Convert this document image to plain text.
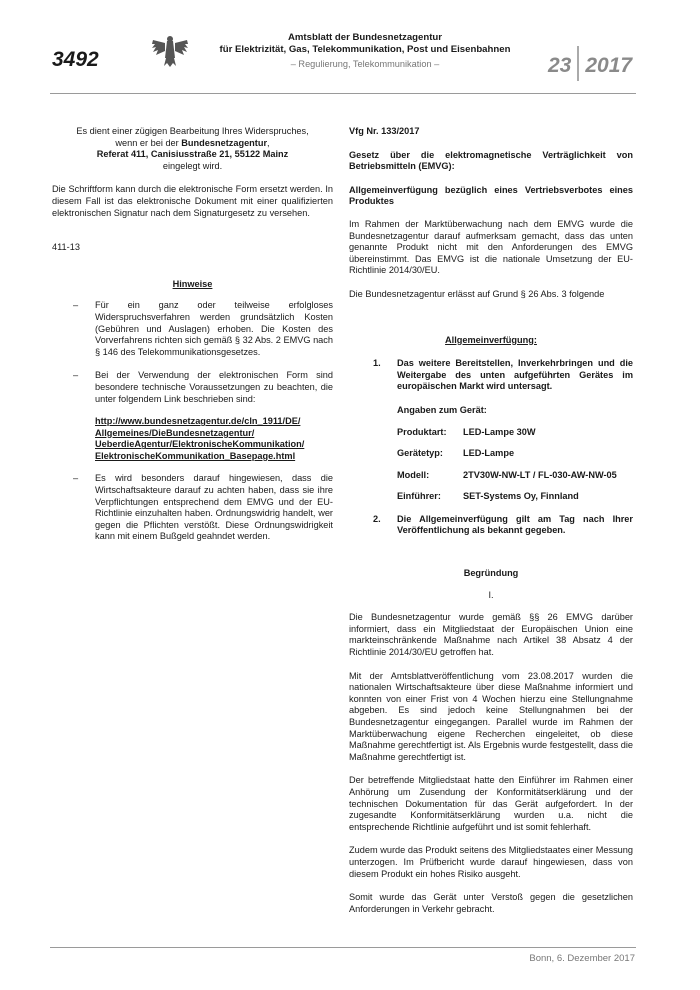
3492
Amtsblatt der Bundesnetzagentur
für Elektrizität, Gas, Telekommunikation, Post und Eisenbahnen
– Regulierung, Telekommunikation –	23 2017

Es dient einer zügigen Bearbeitung Ihres Widerspruches,

wenn er bei der Bundesnetzagentur,

Referat 411, Canisiusstraße 21, 55122 Mainz

eingelegt wird.

Die Schriftform kann durch die elektronische Form ersetzt werden. In diesem Fall ist das elektronische Dokument mit einer qualifizierten elektronischen Signatur nach dem Signaturgesetz zu versehen.

411-13

Hinweise

– Für ein ganz oder teilweise erfolgloses Widerspruchsverfahren werden grundsätzlich Kosten (Gebühren und Auslagen) erhoben. Die Kosten des Vorverfahrens richten sich gemäß § 32 Abs. 2 EMVG nach § 146 des Telekommunikationsgesetzes.

– Bei der Verwendung der elektronischen Form sind besondere technische Voraussetzungen zu beachten, die unter folgendem Link beschrieben sind:

http://www.bundesnetzagentur.de/cln_1911/DE/

Allgemeines/DieBundesnetzagentur/

UeberdieAgentur/ElektronischeKommunikation/

ElektronischeKommunikation_Basepage.html

– Es wird besonders darauf hingewiesen, dass die Wirtschaftsakteure darauf zu achten haben, dass sie ihre Verpflichtungen entsprechend dem EMVG und der EU-Richtlinie einzuhalten haben. Ordnungswidrig handelt, wer gegen die Pflichten verstößt. Diese Ordnungswidrigkeit kann mit einem Bußgeld geahndet werden.

Vfg Nr. 133/2017

Gesetz über die elektromagnetische Verträglichkeit von Betriebsmitteln (EMVG):

Allgemeinverfügung bezüglich eines Vertriebsverbotes eines Produktes

Im Rahmen der Marktüberwachung nach dem EMVG wurde die Bundesnetzagentur darauf aufmerksam gemacht, dass das unten genannte Produkt nicht mit den Anforderungen des EMVG übereinstimmt. Das EMVG ist die nationale Umsetzung der EU-Richtlinie 2014/30/EU.

Die Bundesnetzagentur erlässt auf Grund § 26 Abs. 3 folgende

Allgemeinverfügung:

1.	Das weitere Bereitstellen, Inverkehrbringen und die Weitergabe des unten aufgeführten Gerätes im europäischen Markt wird untersagt.

Angaben zum Gerät:

Produktart:	LED-Lampe 30W
Gerätetyp:	LED-Lampe
Modell:	2TV30W-NW-LT / FL-030-AW-NW-05
Einführer:	SET-Systems Oy, Finnland
2.	Die Allgemeinverfügung gilt am Tag nach Ihrer Veröffentlichung als bekannt gegeben.

Begründung

I.

Die Bundesnetzagentur wurde gemäß §§ 26 EMVG darüber informiert, dass ein Mitgliedstaat der Europäischen Union eine markteinschränkende Maßnahme nach Artikel 38 Absatz 4 der Richtlinie 2014/30/EU getroffen hat.

Mit der Amtsblattveröffentlichung vom 23.08.2017 wurden die nationalen Wirtschaftsakteure über diese Maßnahme informiert und konnten von einer Frist von 4 Wochen hierzu eine Stellungnahme abgeben. Es sind jedoch keine Stellungnahmen bei der Bundesnetzagentur eingegangen. Parallel wurde im Rahmen der Marktüberwachung eigene Recherchen eingeleitet, ob diese Maßnahme gerechtfertigt ist. Als Ergebnis wurde festgestellt, dass die Maßnahme gerechtfertigt ist.

Der betreffende Mitgliedstaat hatte den Einführer im Rahmen einer Anhörung um Zusendung der Konformitätserklärung und der technischen Dokumentation für das Gerät aufgefordert. In der zugesandte Konformitätserklärung wurden u.a. nicht die entsprechende Richtlinie aufgeführt und ist somit fehlerhaft.

Zudem wurde das Produkt seitens des Mitgliedstaates einer Messung unterzogen. Im Prüfbericht wurde darauf hingewiesen, dass von diesem Produkt ein hohes Risiko ausgeht.

Somit wurde das Gerät unter Verstoß gegen die gesetzlichen Anforderungen in Verkehr gebracht.

Bonn, 6. Dezember 2017
